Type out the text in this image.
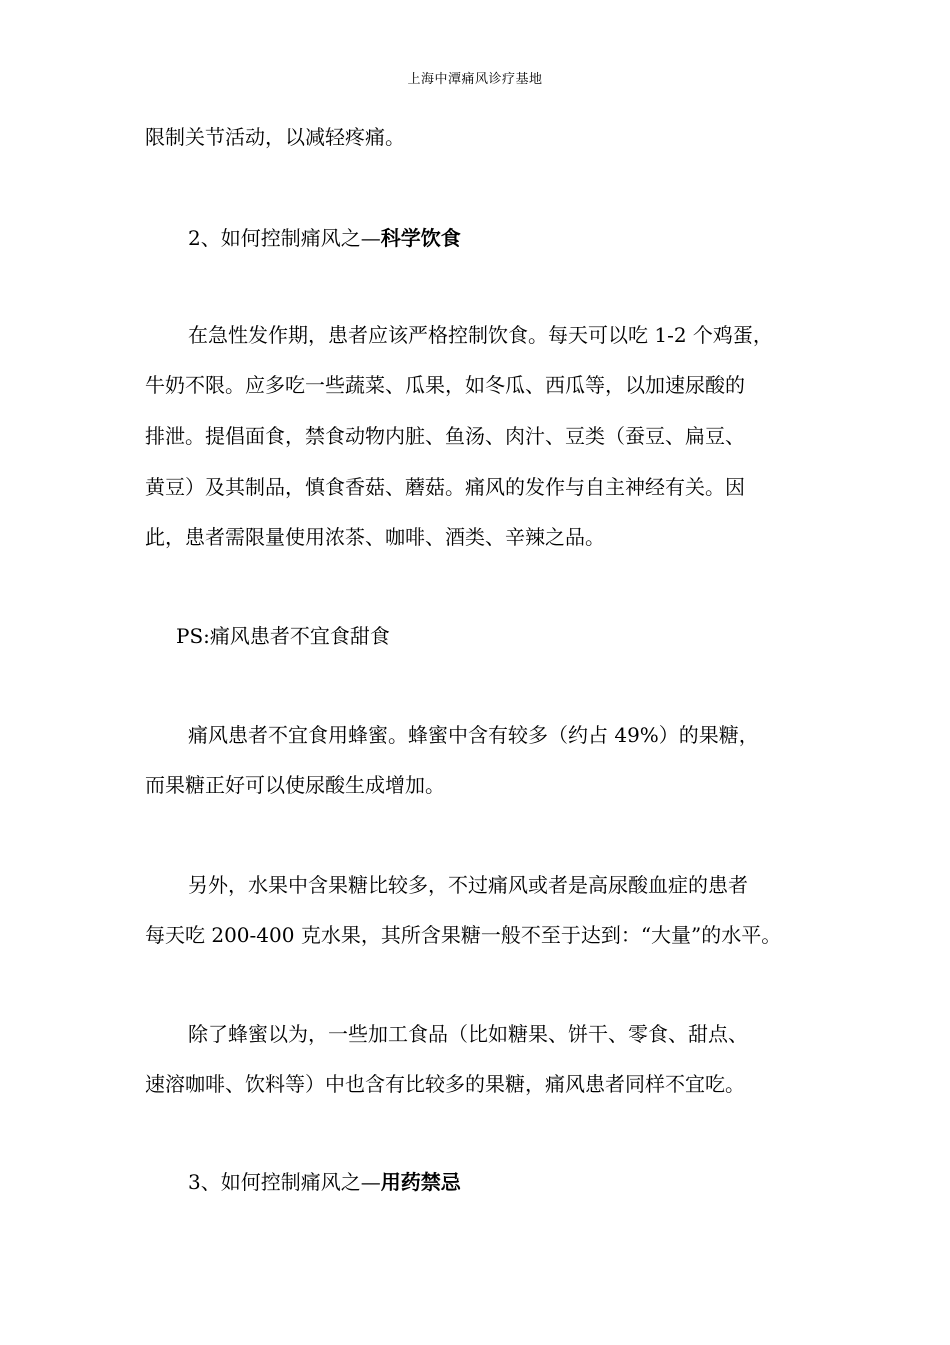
上海中潭痛风诊疗基地
限制关节活动，以减轻疼痛。
2、如何控制痛风之—科学饮食
在急性发作期，患者应该严格控制饮食。每天可以吃 1-2 个鸡蛋，
牛奶不限。应多吃一些蔬菜、瓜果，如冬瓜、西瓜等，以加速尿酸的
排泄。提倡面食，禁食动物内脏、鱼汤、肉汁、豆类（蚕豆、扁豆、
黄豆）及其制品，慎食香菇、蘑菇。痛风的发作与自主神经有关。因
此，患者需限量使用浓茶、咖啡、酒类、辛辣之品。
PS:痛风患者不宜食甜食
痛风患者不宜食用蜂蜜。蜂蜜中含有较多（约占 49%）的果糖，
而果糖正好可以使尿酸生成增加。
另外，水果中含果糖比较多，不过痛风或者是高尿酸血症的患者
每天吃 200-400 克水果，其所含果糖一般不至于达到：“大量”的水平。
除了蜂蜜以为，一些加工食品（比如糖果、饼干、零食、甜点、
速溶咖啡、饮料等）中也含有比较多的果糖，痛风患者同样不宜吃。
3、如何控制痛风之—用药禁忌
